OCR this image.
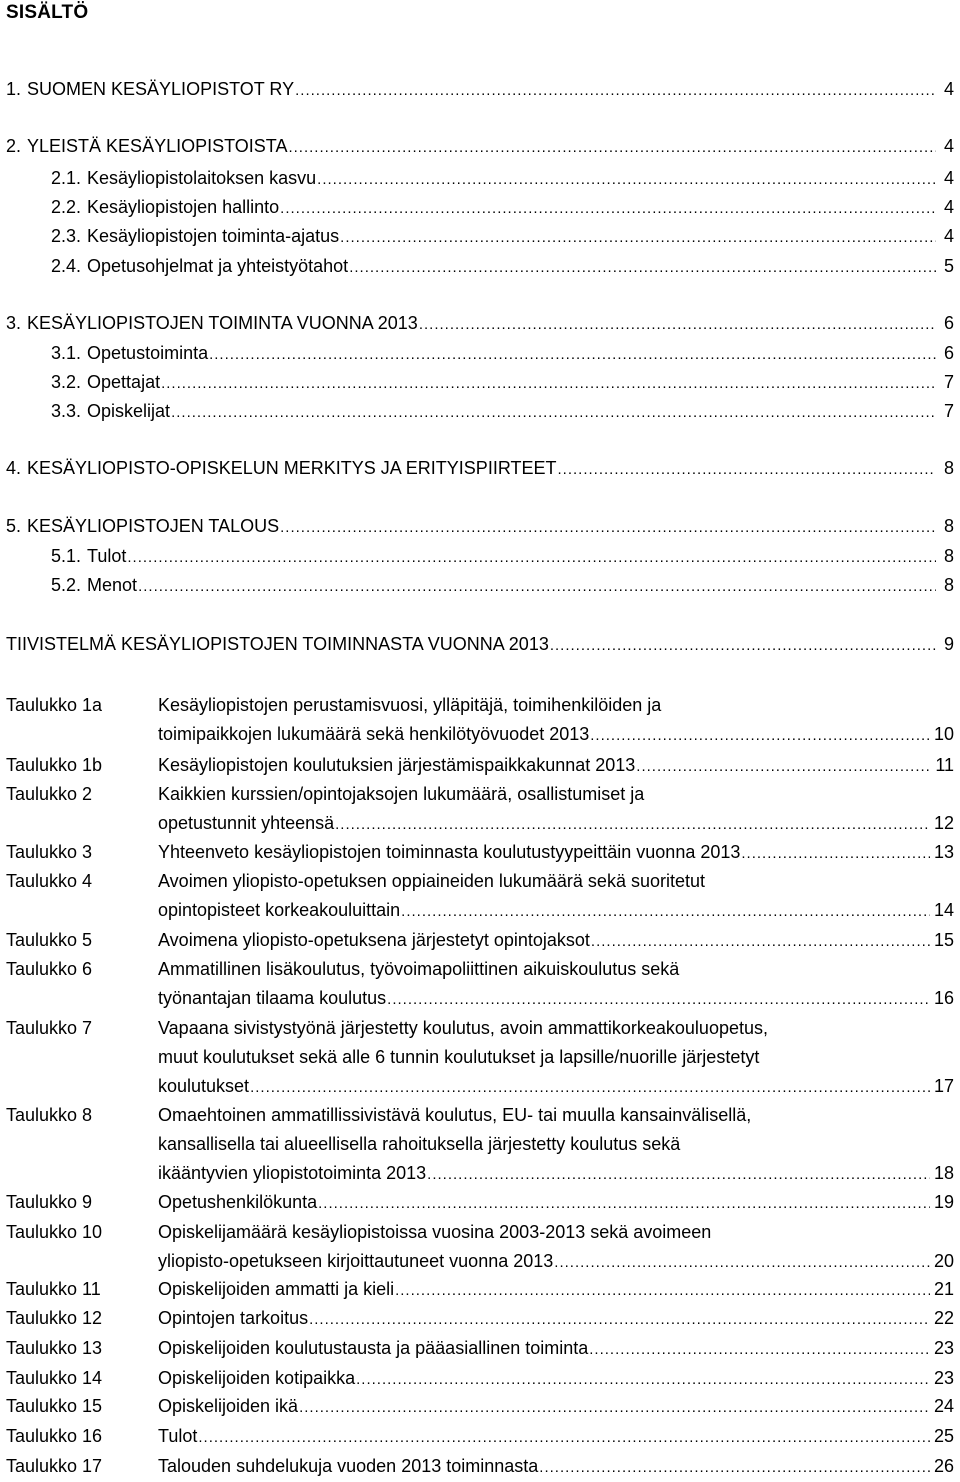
SISÄLTÖ
1. SUOMEN KESÄYLIOPISTOT RY .....	4
2. YLEISTÄ KESÄYLIOPISTOISTA .....	4
2.1. Kesäyliopistolaitoksen kasvu .....	4
2.2. Kesäyliopistojen hallinto .....	4
2.3. Kesäyliopistojen toiminta-ajatus .....	4
2.4. Opetusohjelmat ja yhteistyötahot .....	5
3. KESÄYLIOPISTOJEN TOIMINTA VUONNA 2013 .....	6
3.1. Opetustoiminta .....	6
3.2. Opettajat .....	7
3.3. Opiskelijat .....	7
4. KESÄYLIOPISTO-OPISKELUN MERKITYS JA ERITYISPIIRTEET .....	8
5. KESÄYLIOPISTOJEN TALOUS .....	8
5.1. Tulot .....	8
5.2. Menot .....	8
TIIVISTELMÄ KESÄYLIOPISTOJEN TOIMINNASTA VUONNA 2013 .....	9
Taulukko 1a	Kesäyliopistojen perustamisvuosi, ylläpitäjä, toimihenkilöiden ja
toimipaikkojen lukumäärä sekä henkilötyövuodet 2013 .....	10
Taulukko 1b	Kesäyliopistojen koulutuksien järjestämispaikkakunnat 2013 .....	11
Taulukko 2	Kaikkien kurssien/opintojaksojen lukumäärä, osallistumiset ja
opetustunnit yhteensä .....	12
Taulukko 3	Yhteenveto kesäyliopistojen toiminnasta koulutustyypeittäin vuonna 2013 .....	13
Taulukko 4	Avoimen yliopisto-opetuksen oppiaineiden lukumäärä sekä suoritetut
opintopisteet korkeakouluittain .....	14
Taulukko 5	Avoimena yliopisto-opetuksena järjestetyt opintojaksot .....	15
Taulukko 6	Ammatillinen lisäkoulutus, työvoimapoliittinen aikuiskoulutus sekä
työnantajan tilaama koulutus .....	16
Taulukko 7	Vapaana sivistystyönä järjestetty koulutus, avoin ammattikorkeakouluopetus,
muut koulutukset sekä alle 6 tunnin koulutukset ja lapsille/nuorille järjestetyt
koulutukset .....	17
Taulukko 8	Omaehtoinen ammatillissivistävä koulutus, EU- tai muulla kansainvälisellä,
kansallisella tai alueellisella rahoituksella järjestetty koulutus sekä
ikääntyvien yliopistotoiminta 2013 .....	18
Taulukko 9	Opetushenkilökunta .....	19
Taulukko 10	Opiskelijamäärä kesäyliopistoissa vuosina 2003-2013 sekä avoimeen
yliopisto-opetukseen kirjoittautuneet vuonna 2013 .....	20
Taulukko 11	Opiskelijoiden ammatti ja kieli .....	21
Taulukko 12	Opintojen tarkoitus .....	22
Taulukko 13	Opiskelijoiden koulutustausta ja pääasiallinen toiminta .....	23
Taulukko 14	Opiskelijoiden kotipaikka .....	23
Taulukko 15	Opiskelijoiden ikä .....	24
Taulukko 16	Tulot .....	25
Taulukko 17	Talouden suhdelukuja vuoden 2013 toiminnasta .....	26
